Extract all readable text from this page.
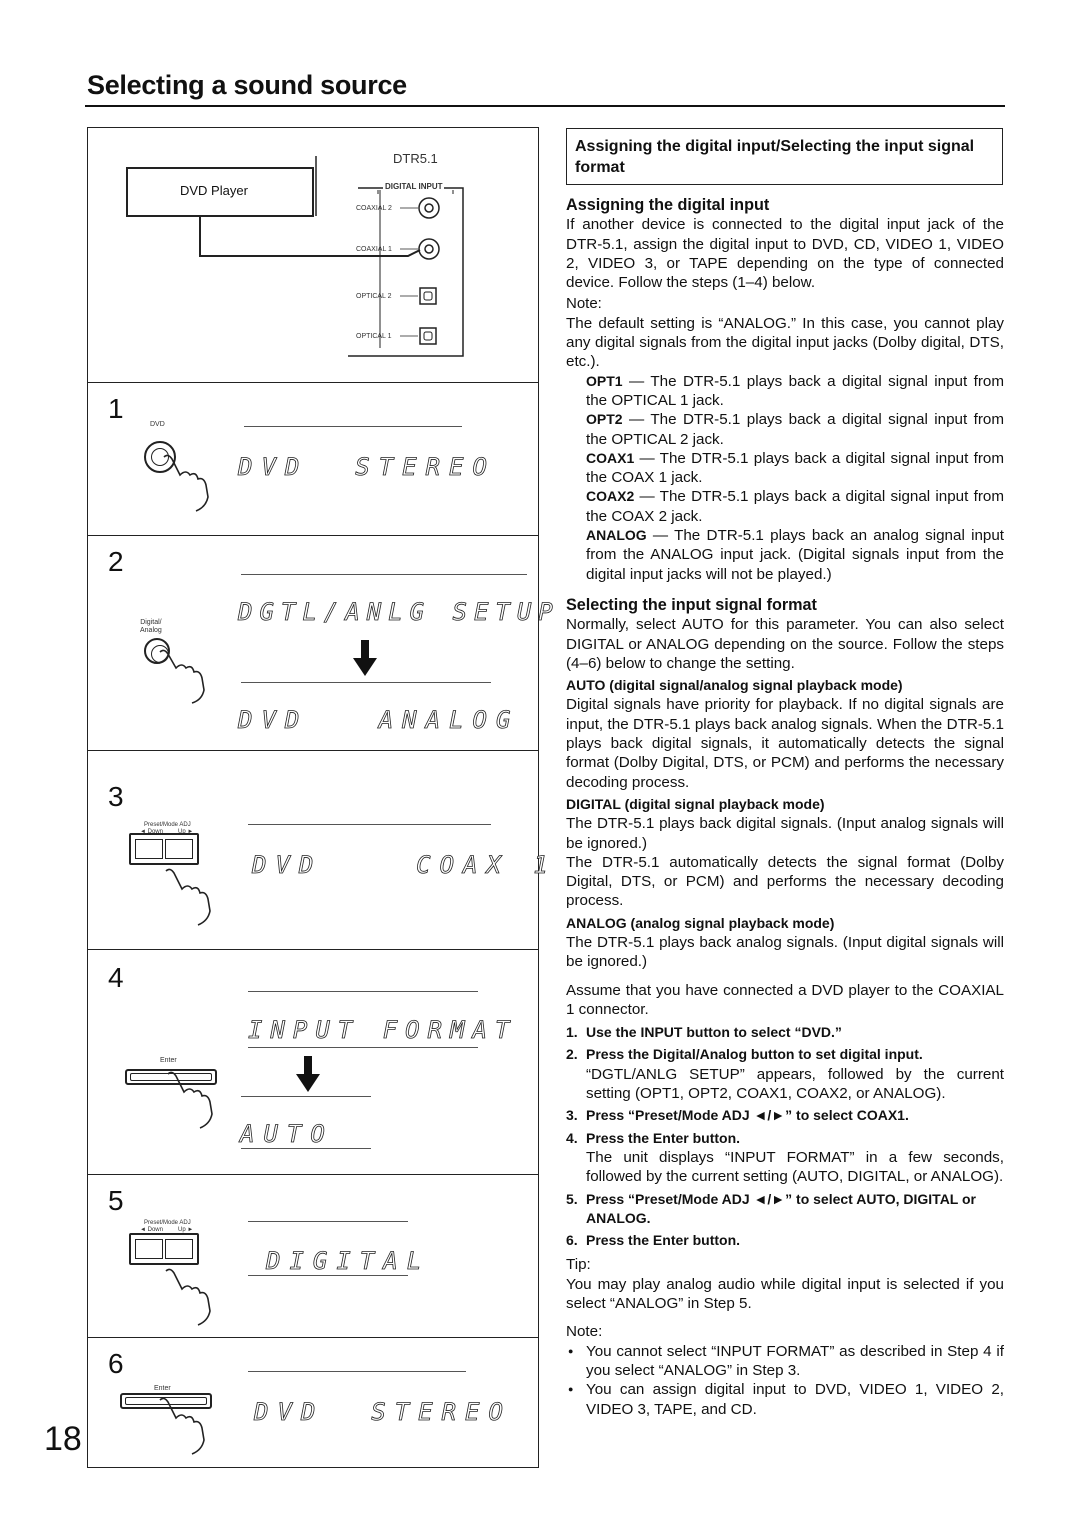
Selecting a sound source
18
DTR5.1
DVD Player	DIGITAL INPUT
COAXIAL 2
COAXIAL 1
OPTICAL 2
OPTICAL 1
1
DVD
DVD  STEREO
2
Digital/
Analog
DGTL/ANLG SETUP
DVD   ANALOG
3
Preset/Mode ADJ
◄ Down	Up ►
DVD    COAX 1
4
Enter
INPUT FORMAT
AUTO
5
Preset/Mode ADJ
◄ Down	Up ►
DIGITAL
6
Enter
DVD  STEREO
Assigning the digital input/Selecting the input signal format

Assigning the digital input

If another device is connected to the digital input jack of the DTR-5.1, assign the digital input to DVD, CD, VIDEO 1, VIDEO 2, VIDEO 3, or TAPE depending on the type of connected device. Follow the steps (1–4) below.

Note:

The default setting is “ANALOG.” In this case, you cannot play any digital signals from the digital input jacks (Dolby digital, DTS, etc.).

OPT1 — The DTR-5.1 plays back a digital signal input from the OPTICAL 1 jack.

OPT2 — The DTR-5.1 plays back a digital signal input from the OPTICAL 2 jack.

COAX1 — The DTR-5.1 plays back a digital signal input from the COAX 1 jack.

COAX2 — The DTR-5.1 plays back a digital signal input from the COAX 2 jack.

ANALOG — The DTR-5.1 plays back an analog signal input from the ANALOG input jack. (Digital signals input from the digital input jacks will not be played.)

Selecting the input signal format

Normally, select AUTO for this parameter. You can also select DIGITAL or ANALOG depending on the source. Follow the steps (4–6) below to change the setting.

AUTO (digital signal/analog signal playback mode)

Digital signals have priority for playback. If no digital signals are input, the DTR-5.1 plays back analog signals. When the DTR-5.1 plays back digital signals, it automatically detects the signal format (Dolby Digital, DTS, or PCM) and performs the necessary decoding process.

DIGITAL (digital signal playback mode)

The DTR-5.1 plays back digital signals. (Input analog signals will be ignored.)

The DTR-5.1 automatically detects the signal format (Dolby Digital, DTS, or PCM) and performs the necessary decoding process.

ANALOG (analog signal playback mode)

The DTR-5.1 plays back analog signals. (Input digital signals will be ignored.)

Assume that you have connected a DVD player to the COAXIAL 1 connector.

1. Use the INPUT button to select “DVD.”

2. Press the Digital/Analog button to set digital input.

“DGTL/ANLG SETUP” appears, followed by the current setting (OPT1, OPT2, COAX1, COAX2, or ANALOG).

3. Press “Preset/Mode ADJ ◄/►” to select COAX1.

4. Press the Enter button.

The unit displays “INPUT FORMAT” in a few seconds, followed by the current setting (AUTO, DIGITAL, or ANALOG).

5. Press “Preset/Mode ADJ ◄/►” to select AUTO, DIGITAL or ANALOG.

6. Press the Enter button.

Tip:

You may play analog audio while digital input is selected if you select “ANALOG” in Step 5.

Note:

● You cannot select “INPUT FORMAT” as described in Step 4 if you select “ANALOG” in Step 3.

● You can assign digital input to DVD, VIDEO 1, VIDEO 2, VIDEO 3, TAPE, and CD.
